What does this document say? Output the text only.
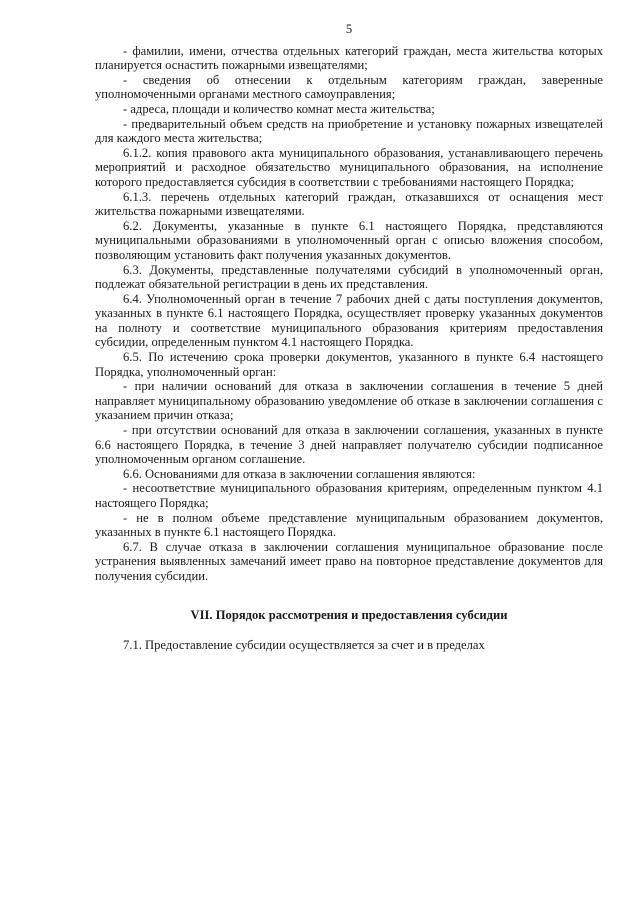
5

- фамилии, имени, отчества отдельных категорий граждан, места жительства которых планируется оснастить пожарными извещателями;

- сведения об отнесении к отдельным категориям граждан, заверенные уполномоченными органами местного самоуправления;

- адреса, площади и количество комнат места жительства;

- предварительный объем средств на приобретение и установку пожарных извещателей для каждого места жительства;

6.1.2. копия правового акта муниципального образования, устанавливающего перечень мероприятий и расходное обязательство муниципального образования, на исполнение которого предоставляется субсидия в соответствии с требованиями настоящего Порядка;

6.1.3. перечень отдельных категорий граждан, отказавшихся от оснащения мест жительства пожарными извещателями.

6.2. Документы, указанные в пункте 6.1 настоящего Порядка, представляются муниципальными образованиями в уполномоченный орган с описью вложения способом, позволяющим установить факт получения указанных документов.

6.3. Документы, представленные получателями субсидий в уполномоченный орган, подлежат обязательной регистрации в день их представления.

6.4. Уполномоченный орган в течение 7 рабочих дней с даты поступления документов, указанных в пункте 6.1 настоящего Порядка, осуществляет проверку указанных документов на полноту и соответствие муниципального образования критериям предоставления субсидии, определенным пунктом 4.1 настоящего Порядка.

6.5. По истечению срока проверки документов, указанного в пункте 6.4 настоящего Порядка, уполномоченный орган:

- при наличии оснований для отказа в заключении соглашения в течение 5 дней направляет муниципальному образованию уведомление об отказе в заключении соглашения с указанием причин отказа;

- при отсутствии оснований для отказа в заключении соглашения, указанных в пункте 6.6 настоящего Порядка, в течение 3 дней направляет получателю субсидии подписанное уполномоченным органом соглашение.

6.6. Основаниями для отказа в заключении соглашения являются:

- несоответствие муниципального образования критериям, определенным пунктом 4.1 настоящего Порядка;

- не в полном объеме представление муниципальным образованием документов, указанных в пункте 6.1 настоящего Порядка.

6.7. В случае отказа в заключении соглашения муниципальное образование после устранения выявленных замечаний имеет право на повторное представление документов для получения субсидии.

VII. Порядок рассмотрения и предоставления субсидии

7.1. Предоставление субсидии осуществляется за счет и в пределах
